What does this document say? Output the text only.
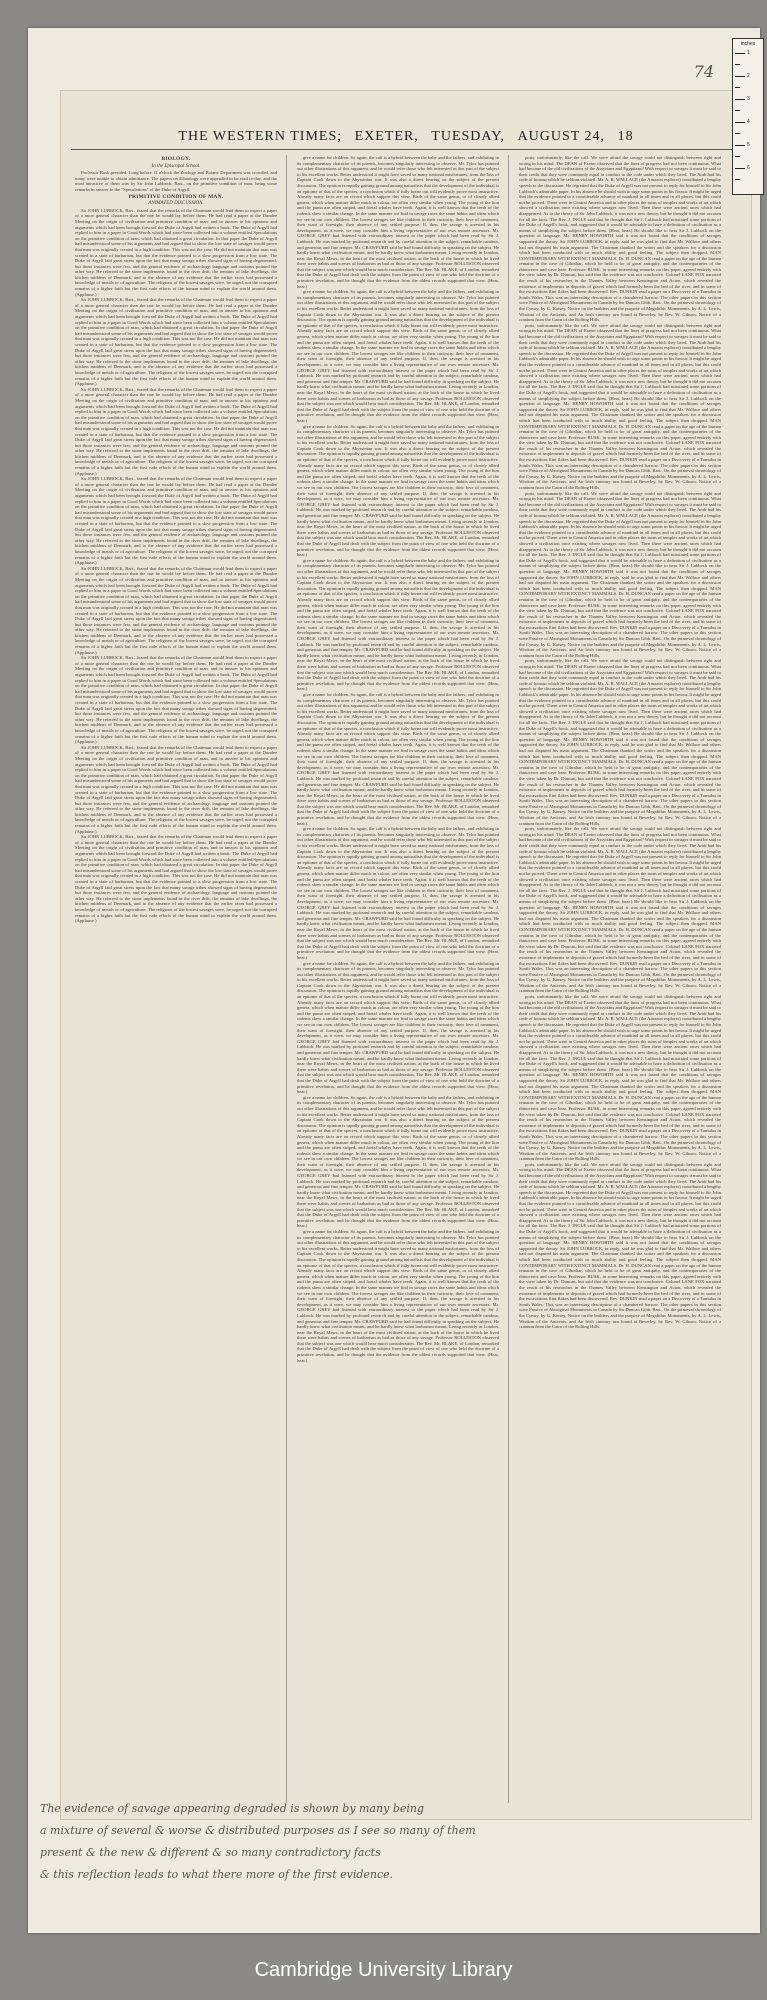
74
THE WESTERN TIMES; EXETER, TUESDAY, AUGUST 24, 18
BIOLOGY.
In the Episcopal School.

Professor Busk presided. Long before 11 o'clock the Zoology and Botany Department was crowded, and many were unable to obtain admittance. The papers on Ethnology were appended to be read to-day, and the most attractive of them was by Sir John Lubbock, Bart., on the primitive condition of man, being some remarks in answer to the "Speculations" of the Duke of Argyll.

PRIMITIVE CONDITION OF MAN.
ANIMATED DISCUSSION.

Sir JOHN LUBBOCK, Bart., feared that the remarks of the Chairman would lead them to expect a paper of a more general character than the one he would lay before them. He had read a paper at the Dundee Meeting on the origin of civilisation and primitive condition of man, and in answer to his opinions and arguments which had been brought forward the Duke of Argyll had written a book. The Duke of Argyll had replied to him in a paper in Good Words which had since been collected into a volume entitled Speculations on the primitive condition of man, which had obtained a great circulation. In that paper the Duke of Argyll had misunderstood some of his arguments and had argued that to show the low state of savages would prove that man was originally created in a high condition. This was not the case. He did not maintain that man was created in a state of barbarism, but that the evidence pointed to a slow progression from a low state. The Duke of Argyll laid great stress upon the fact that many savage tribes showed signs of having degenerated; but those instances were few, and the general evidence of archaeology, language and customs pointed the other way. He referred to the stone implements found in the river drift, the remains of lake dwellings, the kitchen middens of Denmark, and to the absence of any evidence that the earlier races had possessed a knowledge of metals or of agriculture. The religions of the lowest savages were, he urged, not the corrupted remains of a higher faith but the first rude efforts of the human mind to explain the world around them. (Applause.)

Sir JOHN LUBBOCK, Bart., feared that the remarks of the Chairman would lead them to expect a paper of a more general character than the one he would lay before them. He had read a paper at the Dundee Meeting on the origin of civilisation and primitive condition of man, and in answer to his opinions and arguments which had been brought forward the Duke of Argyll had written a book. The Duke of Argyll had replied to him in a paper in Good Words which had since been collected into a volume entitled Speculations on the primitive condition of man, which had obtained a great circulation. In that paper the Duke of Argyll had misunderstood some of his arguments and had argued that to show the low state of savages would prove that man was originally created in a high condition. This was not the case. He did not maintain that man was created in a state of barbarism, but that the evidence pointed to a slow progression from a low state. The Duke of Argyll laid great stress upon the fact that many savage tribes showed signs of having degenerated; but those instances were few, and the general evidence of archaeology, language and customs pointed the other way. He referred to the stone implements found in the river drift, the remains of lake dwellings, the kitchen middens of Denmark, and to the absence of any evidence that the earlier races had possessed a knowledge of metals or of agriculture. The religions of the lowest savages were, he urged, not the corrupted remains of a higher faith but the first rude efforts of the human mind to explain the world around them. (Applause.)

Sir JOHN LUBBOCK, Bart., feared that the remarks of the Chairman would lead them to expect a paper of a more general character than the one he would lay before them. He had read a paper at the Dundee Meeting on the origin of civilisation and primitive condition of man, and in answer to his opinions and arguments which had been brought forward the Duke of Argyll had written a book. The Duke of Argyll had replied to him in a paper in Good Words which had since been collected into a volume entitled Speculations on the primitive condition of man, which had obtained a great circulation. In that paper the Duke of Argyll had misunderstood some of his arguments and had argued that to show the low state of savages would prove that man was originally created in a high condition. This was not the case. He did not maintain that man was created in a state of barbarism, but that the evidence pointed to a slow progression from a low state. The Duke of Argyll laid great stress upon the fact that many savage tribes showed signs of having degenerated; but those instances were few, and the general evidence of archaeology, language and customs pointed the other way. He referred to the stone implements found in the river drift, the remains of lake dwellings, the kitchen middens of Denmark, and to the absence of any evidence that the earlier races had possessed a knowledge of metals or of agriculture. The religions of the lowest savages were, he urged, not the corrupted remains of a higher faith but the first rude efforts of the human mind to explain the world around them. (Applause.)

Sir JOHN LUBBOCK, Bart., feared that the remarks of the Chairman would lead them to expect a paper of a more general character than the one he would lay before them. He had read a paper at the Dundee Meeting on the origin of civilisation and primitive condition of man, and in answer to his opinions and arguments which had been brought forward the Duke of Argyll had written a book. The Duke of Argyll had replied to him in a paper in Good Words which had since been collected into a volume entitled Speculations on the primitive condition of man, which had obtained a great circulation. In that paper the Duke of Argyll had misunderstood some of his arguments and had argued that to show the low state of savages would prove that man was originally created in a high condition. This was not the case. He did not maintain that man was created in a state of barbarism, but that the evidence pointed to a slow progression from a low state. The Duke of Argyll laid great stress upon the fact that many savage tribes showed signs of having degenerated; but those instances were few, and the general evidence of archaeology, language and customs pointed the other way. He referred to the stone implements found in the river drift, the remains of lake dwellings, the kitchen middens of Denmark, and to the absence of any evidence that the earlier races had possessed a knowledge of metals or of agriculture. The religions of the lowest savages were, he urged, not the corrupted remains of a higher faith but the first rude efforts of the human mind to explain the world around them. (Applause.)

Sir JOHN LUBBOCK, Bart., feared that the remarks of the Chairman would lead them to expect a paper of a more general character than the one he would lay before them. He had read a paper at the Dundee Meeting on the origin of civilisation and primitive condition of man, and in answer to his opinions and arguments which had been brought forward the Duke of Argyll had written a book. The Duke of Argyll had replied to him in a paper in Good Words which had since been collected into a volume entitled Speculations on the primitive condition of man, which had obtained a great circulation. In that paper the Duke of Argyll had misunderstood some of his arguments and had argued that to show the low state of savages would prove that man was originally created in a high condition. This was not the case. He did not maintain that man was created in a state of barbarism, but that the evidence pointed to a slow progression from a low state. The Duke of Argyll laid great stress upon the fact that many savage tribes showed signs of having degenerated; but those instances were few, and the general evidence of archaeology, language and customs pointed the other way. He referred to the stone implements found in the river drift, the remains of lake dwellings, the kitchen middens of Denmark, and to the absence of any evidence that the earlier races had possessed a knowledge of metals or of agriculture. The religions of the lowest savages were, he urged, not the corrupted remains of a higher faith but the first rude efforts of the human mind to explain the world around them. (Applause.)

Sir JOHN LUBBOCK, Bart., feared that the remarks of the Chairman would lead them to expect a paper of a more general character than the one he would lay before them. He had read a paper at the Dundee Meeting on the origin of civilisation and primitive condition of man, and in answer to his opinions and arguments which had been brought forward the Duke of Argyll had written a book. The Duke of Argyll had replied to him in a paper in Good Words which had since been collected into a volume entitled Speculations on the primitive condition of man, which had obtained a great circulation. In that paper the Duke of Argyll had misunderstood some of his arguments and had argued that to show the low state of savages would prove that man was originally created in a high condition. This was not the case. He did not maintain that man was created in a state of barbarism, but that the evidence pointed to a slow progression from a low state. The Duke of Argyll laid great stress upon the fact that many savage tribes showed signs of having degenerated; but those instances were few, and the general evidence of archaeology, language and customs pointed the other way. He referred to the stone implements found in the river drift, the remains of lake dwellings, the kitchen middens of Denmark, and to the absence of any evidence that the earlier races had possessed a knowledge of metals or of agriculture. The religions of the lowest savages were, he urged, not the corrupted remains of a higher faith but the first rude efforts of the human mind to explain the world around them. (Applause.)

Sir JOHN LUBBOCK, Bart., feared that the remarks of the Chairman would lead them to expect a paper of a more general character than the one he would lay before them. He had read a paper at the Dundee Meeting on the origin of civilisation and primitive condition of man, and in answer to his opinions and arguments which had been brought forward the Duke of Argyll had written a book. The Duke of Argyll had replied to him in a paper in Good Words which had since been collected into a volume entitled Speculations on the primitive condition of man, which had obtained a great circulation. In that paper the Duke of Argyll had misunderstood some of his arguments and had argued that to show the low state of savages would prove that man was originally created in a high condition. This was not the case. He did not maintain that man was created in a state of barbarism, but that the evidence pointed to a slow progression from a low state. The Duke of Argyll laid great stress upon the fact that many savage tribes showed signs of having degenerated; but those instances were few, and the general evidence of archaeology, language and customs pointed the other way. He referred to the stone implements found in the river drift, the remains of lake dwellings, the kitchen middens of Denmark, and to the absence of any evidence that the earlier races had possessed a knowledge of metals or of agriculture. The religions of the lowest savages were, he urged, not the corrupted remains of a higher faith but the first rude efforts of the human mind to explain the world around them. (Applause.)

Sir JOHN LUBBOCK, Bart., feared that the remarks of the Chairman would lead them to expect a paper of a more general character than the one he would lay before them. He had read a paper at the Dundee Meeting on the origin of civilisation and primitive condition of man, and in answer to his opinions and arguments which had been brought forward the Duke of Argyll had written a book. The Duke of Argyll had replied to him in a paper in Good Words which had since been collected into a volume entitled Speculations on the primitive condition of man, which had obtained a great circulation. In that paper the Duke of Argyll had misunderstood some of his arguments and had argued that to show the low state of savages would prove that man was originally created in a high condition. This was not the case. He did not maintain that man was created in a state of barbarism, but that the evidence pointed to a slow progression from a low state. The Duke of Argyll laid great stress upon the fact that many savage tribes showed signs of having degenerated; but those instances were few, and the general evidence of archaeology, language and customs pointed the other way. He referred to the stone implements found in the river drift, the remains of lake dwellings, the kitchen middens of Denmark, and to the absence of any evidence that the earlier races had possessed a knowledge of metals or of agriculture. The religions of the lowest savages were, he urged, not the corrupted remains of a higher faith but the first rude efforts of the human mind to explain the world around them. (Applause.)

give a name for children. So again, the calf is a hybrid between the baby and the fathers, and exhibiting in its complementary character of its parents, becomes singularly interesting to observe. Mr. Tylor has pointed out other illustrations of this argument, and he would refer those who felt interested in this part of the subject to his excellent works. Better understood it might have saved so many national misfortunes, from the loss of Captain Cook down to the Abyssinian war. It was also a direct bearing on the subject of the present discussion. The opinion is rapidly gaining ground among naturalists that the development of the individual is an epitome of that of the species, a conclusion which if fully borne out will evidently prove most instructive. Already many facts are on record which support this view. Birds of the same genus, or of closely allied genera, which when mature differ much in colour, are often very similar when young. The young of the lion and the puma are often striped, and foetal whales have teeth. Again, it is well known that the teeth of the rodents shew a similar change. In the same manner we find in savage races the same habits and ideas which we see in our own children. The lowest savages are like children in their curiosity, their love of ornament, their want of foresight, their absence of any settled purpose. If, then, the savage is arrested in his development, as it were, we may consider him a living representative of our own remote ancestors. Mr. GEORGE GREY had listened with extraordinary interest to the paper which had been read by Sir J. Lubbock. He was marked by profound research and by careful attention to the subject, remarkable candour, and generous and fine temper. Mr. CRAWFURD said he had found difficulty in speaking on the subject. He hardly knew what civilisation meant, and he hardly knew what barbarism meant. Living recently in London, near the Royal Mews, in the heart of the most civilised nation, at the back of the house in which he lived there were habits and scenes of barbarism as bad as those of any savage. Professor ROLLESTON observed that the subject was one which would bear much consideration. The Rev. Mr. BLAKE, of London, remarked that the Duke of Argyll had dealt with the subject from the point of view of one who held the doctrine of a primitive revelation, and he thought that the evidence from the oldest records supported that view. (Hear, hear.)

give a name for children. So again, the calf is a hybrid between the baby and the fathers, and exhibiting in its complementary character of its parents, becomes singularly interesting to observe. Mr. Tylor has pointed out other illustrations of this argument, and he would refer those who felt interested in this part of the subject to his excellent works. Better understood it might have saved so many national misfortunes, from the loss of Captain Cook down to the Abyssinian war. It was also a direct bearing on the subject of the present discussion. The opinion is rapidly gaining ground among naturalists that the development of the individual is an epitome of that of the species, a conclusion which if fully borne out will evidently prove most instructive. Already many facts are on record which support this view. Birds of the same genus, or of closely allied genera, which when mature differ much in colour, are often very similar when young. The young of the lion and the puma are often striped, and foetal whales have teeth. Again, it is well known that the teeth of the rodents shew a similar change. In the same manner we find in savage races the same habits and ideas which we see in our own children. The lowest savages are like children in their curiosity, their love of ornament, their want of foresight, their absence of any settled purpose. If, then, the savage is arrested in his development, as it were, we may consider him a living representative of our own remote ancestors. Mr. GEORGE GREY had listened with extraordinary interest to the paper which had been read by Sir J. Lubbock. He was marked by profound research and by careful attention to the subject, remarkable candour, and generous and fine temper. Mr. CRAWFURD said he had found difficulty in speaking on the subject. He hardly knew what civilisation meant, and he hardly knew what barbarism meant. Living recently in London, near the Royal Mews, in the heart of the most civilised nation, at the back of the house in which he lived there were habits and scenes of barbarism as bad as those of any savage. Professor ROLLESTON observed that the subject was one which would bear much consideration. The Rev. Mr. BLAKE, of London, remarked that the Duke of Argyll had dealt with the subject from the point of view of one who held the doctrine of a primitive revelation, and he thought that the evidence from the oldest records supported that view. (Hear, hear.)

give a name for children. So again, the calf is a hybrid between the baby and the fathers, and exhibiting in its complementary character of its parents, becomes singularly interesting to observe. Mr. Tylor has pointed out other illustrations of this argument, and he would refer those who felt interested in this part of the subject to his excellent works. Better understood it might have saved so many national misfortunes, from the loss of Captain Cook down to the Abyssinian war. It was also a direct bearing on the subject of the present discussion. The opinion is rapidly gaining ground among naturalists that the development of the individual is an epitome of that of the species, a conclusion which if fully borne out will evidently prove most instructive. Already many facts are on record which support this view. Birds of the same genus, or of closely allied genera, which when mature differ much in colour, are often very similar when young. The young of the lion and the puma are often striped, and foetal whales have teeth. Again, it is well known that the teeth of the rodents shew a similar change. In the same manner we find in savage races the same habits and ideas which we see in our own children. The lowest savages are like children in their curiosity, their love of ornament, their want of foresight, their absence of any settled purpose. If, then, the savage is arrested in his development, as it were, we may consider him a living representative of our own remote ancestors. Mr. GEORGE GREY had listened with extraordinary interest to the paper which had been read by Sir J. Lubbock. He was marked by profound research and by careful attention to the subject, remarkable candour, and generous and fine temper. Mr. CRAWFURD said he had found difficulty in speaking on the subject. He hardly knew what civilisation meant, and he hardly knew what barbarism meant. Living recently in London, near the Royal Mews, in the heart of the most civilised nation, at the back of the house in which he lived there were habits and scenes of barbarism as bad as those of any savage. Professor ROLLESTON observed that the subject was one which would bear much consideration. The Rev. Mr. BLAKE, of London, remarked that the Duke of Argyll had dealt with the subject from the point of view of one who held the doctrine of a primitive revelation, and he thought that the evidence from the oldest records supported that view. (Hear, hear.)

give a name for children. So again, the calf is a hybrid between the baby and the fathers, and exhibiting in its complementary character of its parents, becomes singularly interesting to observe. Mr. Tylor has pointed out other illustrations of this argument, and he would refer those who felt interested in this part of the subject to his excellent works. Better understood it might have saved so many national misfortunes, from the loss of Captain Cook down to the Abyssinian war. It was also a direct bearing on the subject of the present discussion. The opinion is rapidly gaining ground among naturalists that the development of the individual is an epitome of that of the species, a conclusion which if fully borne out will evidently prove most instructive. Already many facts are on record which support this view. Birds of the same genus, or of closely allied genera, which when mature differ much in colour, are often very similar when young. The young of the lion and the puma are often striped, and foetal whales have teeth. Again, it is well known that the teeth of the rodents shew a similar change. In the same manner we find in savage races the same habits and ideas which we see in our own children. The lowest savages are like children in their curiosity, their love of ornament, their want of foresight, their absence of any settled purpose. If, then, the savage is arrested in his development, as it were, we may consider him a living representative of our own remote ancestors. Mr. GEORGE GREY had listened with extraordinary interest to the paper which had been read by Sir J. Lubbock. He was marked by profound research and by careful attention to the subject, remarkable candour, and generous and fine temper. Mr. CRAWFURD said he had found difficulty in speaking on the subject. He hardly knew what civilisation meant, and he hardly knew what barbarism meant. Living recently in London, near the Royal Mews, in the heart of the most civilised nation, at the back of the house in which he lived there were habits and scenes of barbarism as bad as those of any savage. Professor ROLLESTON observed that the subject was one which would bear much consideration. The Rev. Mr. BLAKE, of London, remarked that the Duke of Argyll had dealt with the subject from the point of view of one who held the doctrine of a primitive revelation, and he thought that the evidence from the oldest records supported that view. (Hear, hear.)

give a name for children. So again, the calf is a hybrid between the baby and the fathers, and exhibiting in its complementary character of its parents, becomes singularly interesting to observe. Mr. Tylor has pointed out other illustrations of this argument, and he would refer those who felt interested in this part of the subject to his excellent works. Better understood it might have saved so many national misfortunes, from the loss of Captain Cook down to the Abyssinian war. It was also a direct bearing on the subject of the present discussion. The opinion is rapidly gaining ground among naturalists that the development of the individual is an epitome of that of the species, a conclusion which if fully borne out will evidently prove most instructive. Already many facts are on record which support this view. Birds of the same genus, or of closely allied genera, which when mature differ much in colour, are often very similar when young. The young of the lion and the puma are often striped, and foetal whales have teeth. Again, it is well known that the teeth of the rodents shew a similar change. In the same manner we find in savage races the same habits and ideas which we see in our own children. The lowest savages are like children in their curiosity, their love of ornament, their want of foresight, their absence of any settled purpose. If, then, the savage is arrested in his development, as it were, we may consider him a living representative of our own remote ancestors. Mr. GEORGE GREY had listened with extraordinary interest to the paper which had been read by Sir J. Lubbock. He was marked by profound research and by careful attention to the subject, remarkable candour, and generous and fine temper. Mr. CRAWFURD said he had found difficulty in speaking on the subject. He hardly knew what civilisation meant, and he hardly knew what barbarism meant. Living recently in London, near the Royal Mews, in the heart of the most civilised nation, at the back of the house in which he lived there were habits and scenes of barbarism as bad as those of any savage. Professor ROLLESTON observed that the subject was one which would bear much consideration. The Rev. Mr. BLAKE, of London, remarked that the Duke of Argyll had dealt with the subject from the point of view of one who held the doctrine of a primitive revelation, and he thought that the evidence from the oldest records supported that view. (Hear, hear.)

give a name for children. So again, the calf is a hybrid between the baby and the fathers, and exhibiting in its complementary character of its parents, becomes singularly interesting to observe. Mr. Tylor has pointed out other illustrations of this argument, and he would refer those who felt interested in this part of the subject to his excellent works. Better understood it might have saved so many national misfortunes, from the loss of Captain Cook down to the Abyssinian war. It was also a direct bearing on the subject of the present discussion. The opinion is rapidly gaining ground among naturalists that the development of the individual is an epitome of that of the species, a conclusion which if fully borne out will evidently prove most instructive. Already many facts are on record which support this view. Birds of the same genus, or of closely allied genera, which when mature differ much in colour, are often very similar when young. The young of the lion and the puma are often striped, and foetal whales have teeth. Again, it is well known that the teeth of the rodents shew a similar change. In the same manner we find in savage races the same habits and ideas which we see in our own children. The lowest savages are like children in their curiosity, their love of ornament, their want of foresight, their absence of any settled purpose. If, then, the savage is arrested in his development, as it were, we may consider him a living representative of our own remote ancestors. Mr. GEORGE GREY had listened with extraordinary interest to the paper which had been read by Sir J. Lubbock. He was marked by profound research and by careful attention to the subject, remarkable candour, and generous and fine temper. Mr. CRAWFURD said he had found difficulty in speaking on the subject. He hardly knew what civilisation meant, and he hardly knew what barbarism meant. Living recently in London, near the Royal Mews, in the heart of the most civilised nation, at the back of the house in which he lived there were habits and scenes of barbarism as bad as those of any savage. Professor ROLLESTON observed that the subject was one which would bear much consideration. The Rev. Mr. BLAKE, of London, remarked that the Duke of Argyll had dealt with the subject from the point of view of one who held the doctrine of a primitive revelation, and he thought that the evidence from the oldest records supported that view. (Hear, hear.)

give a name for children. So again, the calf is a hybrid between the baby and the fathers, and exhibiting in its complementary character of its parents, becomes singularly interesting to observe. Mr. Tylor has pointed out other illustrations of this argument, and he would refer those who felt interested in this part of the subject to his excellent works. Better understood it might have saved so many national misfortunes, from the loss of Captain Cook down to the Abyssinian war. It was also a direct bearing on the subject of the present discussion. The opinion is rapidly gaining ground among naturalists that the development of the individual is an epitome of that of the species, a conclusion which if fully borne out will evidently prove most instructive. Already many facts are on record which support this view. Birds of the same genus, or of closely allied genera, which when mature differ much in colour, are often very similar when young. The young of the lion and the puma are often striped, and foetal whales have teeth. Again, it is well known that the teeth of the rodents shew a similar change. In the same manner we find in savage races the same habits and ideas which we see in our own children. The lowest savages are like children in their curiosity, their love of ornament, their want of foresight, their absence of any settled purpose. If, then, the savage is arrested in his development, as it were, we may consider him a living representative of our own remote ancestors. Mr. GEORGE GREY had listened with extraordinary interest to the paper which had been read by Sir J. Lubbock. He was marked by profound research and by careful attention to the subject, remarkable candour, and generous and fine temper. Mr. CRAWFURD said he had found difficulty in speaking on the subject. He hardly knew what civilisation meant, and he hardly knew what barbarism meant. Living recently in London, near the Royal Mews, in the heart of the most civilised nation, at the back of the house in which he lived there were habits and scenes of barbarism as bad as those of any savage. Professor ROLLESTON observed that the subject was one which would bear much consideration. The Rev. Mr. BLAKE, of London, remarked that the Duke of Argyll had dealt with the subject from the point of view of one who held the doctrine of a primitive revelation, and he thought that the evidence from the oldest records supported that view. (Hear, hear.)

give a name for children. So again, the calf is a hybrid between the baby and the fathers, and exhibiting in its complementary character of its parents, becomes singularly interesting to observe. Mr. Tylor has pointed out other illustrations of this argument, and he would refer those who felt interested in this part of the subject to his excellent works. Better understood it might have saved so many national misfortunes, from the loss of Captain Cook down to the Abyssinian war. It was also a direct bearing on the subject of the present discussion. The opinion is rapidly gaining ground among naturalists that the development of the individual is an epitome of that of the species, a conclusion which if fully borne out will evidently prove most instructive. Already many facts are on record which support this view. Birds of the same genus, or of closely allied genera, which when mature differ much in colour, are often very similar when young. The young of the lion and the puma are often striped, and foetal whales have teeth. Again, it is well known that the teeth of the rodents shew a similar change. In the same manner we find in savage races the same habits and ideas which we see in our own children. The lowest savages are like children in their curiosity, their love of ornament, their want of foresight, their absence of any settled purpose. If, then, the savage is arrested in his development, as it were, we may consider him a living representative of our own remote ancestors. Mr. GEORGE GREY had listened with extraordinary interest to the paper which had been read by Sir J. Lubbock. He was marked by profound research and by careful attention to the subject, remarkable candour, and generous and fine temper. Mr. CRAWFURD said he had found difficulty in speaking on the subject. He hardly knew what civilisation meant, and he hardly knew what barbarism meant. Living recently in London, near the Royal Mews, in the heart of the most civilised nation, at the back of the house in which he lived there were habits and scenes of barbarism as bad as those of any savage. Professor ROLLESTON observed that the subject was one which would bear much consideration. The Rev. Mr. BLAKE, of London, remarked that the Duke of Argyll had dealt with the subject from the point of view of one who held the doctrine of a primitive revelation, and he thought that the evidence from the oldest records supported that view. (Hear, hear.)

give a name for children. So again, the calf is a hybrid between the baby and the fathers, and exhibiting in its complementary character of its parents, becomes singularly interesting to observe. Mr. Tylor has pointed out other illustrations of this argument, and he would refer those who felt interested in this part of the subject to his excellent works. Better understood it might have saved so many national misfortunes, from the loss of Captain Cook down to the Abyssinian war. It was also a direct bearing on the subject of the present discussion. The opinion is rapidly gaining ground among naturalists that the development of the individual is an epitome of that of the species, a conclusion which if fully borne out will evidently prove most instructive. Already many facts are on record which support this view. Birds of the same genus, or of closely allied genera, which when mature differ much in colour, are often very similar when young. The young of the lion and the puma are often striped, and foetal whales have teeth. Again, it is well known that the teeth of the rodents shew a similar change. In the same manner we find in savage races the same habits and ideas which we see in our own children. The lowest savages are like children in their curiosity, their love of ornament, their want of foresight, their absence of any settled purpose. If, then, the savage is arrested in his development, as it were, we may consider him a living representative of our own remote ancestors. Mr. GEORGE GREY had listened with extraordinary interest to the paper which had been read by Sir J. Lubbock. He was marked by profound research and by careful attention to the subject, remarkable candour, and generous and fine temper. Mr. CRAWFURD said he had found difficulty in speaking on the subject. He hardly knew what civilisation meant, and he hardly knew what barbarism meant. Living recently in London, near the Royal Mews, in the heart of the most civilised nation, at the back of the house in which he lived there were habits and scenes of barbarism as bad as those of any savage. Professor ROLLESTON observed that the subject was one which would bear much consideration. The Rev. Mr. BLAKE, of London, remarked that the Duke of Argyll had dealt with the subject from the point of view of one who held the doctrine of a primitive revelation, and he thought that the evidence from the oldest records supported that view. (Hear, hear.)

ports, unfortunately, like the calf. We were afraid the savage could not distinguish between right and wrong in his mind. The DEAN of Exeter observed that the lines of progress had not been continuous. What had become of the old civilisations of the Assyrians and Egyptians? With respect to savages it must be said to their credit that they were commonly equal in conduct to the code under which they lived. The Arab had his code of honour which he seldom violated. Mr. A. R. WALLACE (the Amazon explorer) contributed a lengthy speech to the discussion. He regretted that the Duke of Argyll was not present to reply for himself to Sir John Lubbock's admirable paper. In his absence he should wish to urge some points in his favour. It might be urged that the evidence pointed to a considerable advance of mankind in all times and in all places, but this could not be proved. There were in Central America and in other places the ruins of temples and works of art which showed a civilisation once existing where savages now lived. Then there were ancient races which had disappeared. As to the theory of Sir John Lubbock, it was not a new theory, but he thought it did not account for all the facts. The Rev. J. INGLE said that he thought that Sir J. Lubbock had misstated some portions of the Duke of Argyll's book, and suggested that it would be advisable to have a definition of civilisation as a means of simplifying the subject before them. (Hear, hear.) He should like to hear Sir J. Lubbock on the question of language. Mr. HENRY HOWORTH said it was not found that the conditions of savages supported the theory. Sir JOHN LUBBOCK, in reply, said he was glad to find that Mr. Wallace and others had not disputed his main argument. The Chairman thanked the writer and the speakers for a discussion which had been conducted with so much ability and good feeling. The subject then dropped. MAN CONTEMPORARY WITH EXTINCT MAMMALS. Dr. H. DUNCAN read a paper on the age of the human remains in the cave of Gibraltar, which he held to be of great antiquity, and the contemporaries of the rhinoceros and cave bear. Professor BUSK, in some interesting remarks on this paper, agreed entirely with the view taken by Dr. Duncan, but said that the evidence was not conclusive. Colonel LANE FOX narrated the result of his researches in the Thames Valley between Kensington and Acton, which revealed the existence of implements in deposits of gravel which had formerly been the bed of the river, and in some of the excavations flint flakes had been discovered. Rev. DUNKIN read a paper on a Discovery of a Tumulus in South Wales. This was an interesting description of a chambered barrow. The other papers in this section were Passive of Aboriginal Monuments in Canada by Sir Duncan Gibb, Bart., On the primeval chronology of the Cymry, by G. Kinsey, Notice on the builders and the purpose of Megalithic Monuments, by A. L. Lewis, Wisdom of the Ancients, and An Irish cinerary urn found at Beverley, by Rev. W. Gibson, Notice of a cranium from the Cairn of the Rolling Hills.

ports, unfortunately, like the calf. We were afraid the savage could not distinguish between right and wrong in his mind. The DEAN of Exeter observed that the lines of progress had not been continuous. What had become of the old civilisations of the Assyrians and Egyptians? With respect to savages it must be said to their credit that they were commonly equal in conduct to the code under which they lived. The Arab had his code of honour which he seldom violated. Mr. A. R. WALLACE (the Amazon explorer) contributed a lengthy speech to the discussion. He regretted that the Duke of Argyll was not present to reply for himself to Sir John Lubbock's admirable paper. In his absence he should wish to urge some points in his favour. It might be urged that the evidence pointed to a considerable advance of mankind in all times and in all places, but this could not be proved. There were in Central America and in other places the ruins of temples and works of art which showed a civilisation once existing where savages now lived. Then there were ancient races which had disappeared. As to the theory of Sir John Lubbock, it was not a new theory, but he thought it did not account for all the facts. The Rev. J. INGLE said that he thought that Sir J. Lubbock had misstated some portions of the Duke of Argyll's book, and suggested that it would be advisable to have a definition of civilisation as a means of simplifying the subject before them. (Hear, hear.) He should like to hear Sir J. Lubbock on the question of language. Mr. HENRY HOWORTH said it was not found that the conditions of savages supported the theory. Sir JOHN LUBBOCK, in reply, said he was glad to find that Mr. Wallace and others had not disputed his main argument. The Chairman thanked the writer and the speakers for a discussion which had been conducted with so much ability and good feeling. The subject then dropped. MAN CONTEMPORARY WITH EXTINCT MAMMALS. Dr. H. DUNCAN read a paper on the age of the human remains in the cave of Gibraltar, which he held to be of great antiquity, and the contemporaries of the rhinoceros and cave bear. Professor BUSK, in some interesting remarks on this paper, agreed entirely with the view taken by Dr. Duncan, but said that the evidence was not conclusive. Colonel LANE FOX narrated the result of his researches in the Thames Valley between Kensington and Acton, which revealed the existence of implements in deposits of gravel which had formerly been the bed of the river, and in some of the excavations flint flakes had been discovered. Rev. DUNKIN read a paper on a Discovery of a Tumulus in South Wales. This was an interesting description of a chambered barrow. The other papers in this section were Passive of Aboriginal Monuments in Canada by Sir Duncan Gibb, Bart., On the primeval chronology of the Cymry, by G. Kinsey, Notice on the builders and the purpose of Megalithic Monuments, by A. L. Lewis, Wisdom of the Ancients, and An Irish cinerary urn found at Beverley, by Rev. W. Gibson, Notice of a cranium from the Cairn of the Rolling Hills.

ports, unfortunately, like the calf. We were afraid the savage could not distinguish between right and wrong in his mind. The DEAN of Exeter observed that the lines of progress had not been continuous. What had become of the old civilisations of the Assyrians and Egyptians? With respect to savages it must be said to their credit that they were commonly equal in conduct to the code under which they lived. The Arab had his code of honour which he seldom violated. Mr. A. R. WALLACE (the Amazon explorer) contributed a lengthy speech to the discussion. He regretted that the Duke of Argyll was not present to reply for himself to Sir John Lubbock's admirable paper. In his absence he should wish to urge some points in his favour. It might be urged that the evidence pointed to a considerable advance of mankind in all times and in all places, but this could not be proved. There were in Central America and in other places the ruins of temples and works of art which showed a civilisation once existing where savages now lived. Then there were ancient races which had disappeared. As to the theory of Sir John Lubbock, it was not a new theory, but he thought it did not account for all the facts. The Rev. J. INGLE said that he thought that Sir J. Lubbock had misstated some portions of the Duke of Argyll's book, and suggested that it would be advisable to have a definition of civilisation as a means of simplifying the subject before them. (Hear, hear.) He should like to hear Sir J. Lubbock on the question of language. Mr. HENRY HOWORTH said it was not found that the conditions of savages supported the theory. Sir JOHN LUBBOCK, in reply, said he was glad to find that Mr. Wallace and others had not disputed his main argument. The Chairman thanked the writer and the speakers for a discussion which had been conducted with so much ability and good feeling. The subject then dropped. MAN CONTEMPORARY WITH EXTINCT MAMMALS. Dr. H. DUNCAN read a paper on the age of the human remains in the cave of Gibraltar, which he held to be of great antiquity, and the contemporaries of the rhinoceros and cave bear. Professor BUSK, in some interesting remarks on this paper, agreed entirely with the view taken by Dr. Duncan, but said that the evidence was not conclusive. Colonel LANE FOX narrated the result of his researches in the Thames Valley between Kensington and Acton, which revealed the existence of implements in deposits of gravel which had formerly been the bed of the river, and in some of the excavations flint flakes had been discovered. Rev. DUNKIN read a paper on a Discovery of a Tumulus in South Wales. This was an interesting description of a chambered barrow. The other papers in this section were Passive of Aboriginal Monuments in Canada by Sir Duncan Gibb, Bart., On the primeval chronology of the Cymry, by G. Kinsey, Notice on the builders and the purpose of Megalithic Monuments, by A. L. Lewis, Wisdom of the Ancients, and An Irish cinerary urn found at Beverley, by Rev. W. Gibson, Notice of a cranium from the Cairn of the Rolling Hills.

ports, unfortunately, like the calf. We were afraid the savage could not distinguish between right and wrong in his mind. The DEAN of Exeter observed that the lines of progress had not been continuous. What had become of the old civilisations of the Assyrians and Egyptians? With respect to savages it must be said to their credit that they were commonly equal in conduct to the code under which they lived. The Arab had his code of honour which he seldom violated. Mr. A. R. WALLACE (the Amazon explorer) contributed a lengthy speech to the discussion. He regretted that the Duke of Argyll was not present to reply for himself to Sir John Lubbock's admirable paper. In his absence he should wish to urge some points in his favour. It might be urged that the evidence pointed to a considerable advance of mankind in all times and in all places, but this could not be proved. There were in Central America and in other places the ruins of temples and works of art which showed a civilisation once existing where savages now lived. Then there were ancient races which had disappeared. As to the theory of Sir John Lubbock, it was not a new theory, but he thought it did not account for all the facts. The Rev. J. INGLE said that he thought that Sir J. Lubbock had misstated some portions of the Duke of Argyll's book, and suggested that it would be advisable to have a definition of civilisation as a means of simplifying the subject before them. (Hear, hear.) He should like to hear Sir J. Lubbock on the question of language. Mr. HENRY HOWORTH said it was not found that the conditions of savages supported the theory. Sir JOHN LUBBOCK, in reply, said he was glad to find that Mr. Wallace and others had not disputed his main argument. The Chairman thanked the writer and the speakers for a discussion which had been conducted with so much ability and good feeling. The subject then dropped. MAN CONTEMPORARY WITH EXTINCT MAMMALS. Dr. H. DUNCAN read a paper on the age of the human remains in the cave of Gibraltar, which he held to be of great antiquity, and the contemporaries of the rhinoceros and cave bear. Professor BUSK, in some interesting remarks on this paper, agreed entirely with the view taken by Dr. Duncan, but said that the evidence was not conclusive. Colonel LANE FOX narrated the result of his researches in the Thames Valley between Kensington and Acton, which revealed the existence of implements in deposits of gravel which had formerly been the bed of the river, and in some of the excavations flint flakes had been discovered. Rev. DUNKIN read a paper on a Discovery of a Tumulus in South Wales. This was an interesting description of a chambered barrow. The other papers in this section were Passive of Aboriginal Monuments in Canada by Sir Duncan Gibb, Bart., On the primeval chronology of the Cymry, by G. Kinsey, Notice on the builders and the purpose of Megalithic Monuments, by A. L. Lewis, Wisdom of the Ancients, and An Irish cinerary urn found at Beverley, by Rev. W. Gibson, Notice of a cranium from the Cairn of the Rolling Hills.

ports, unfortunately, like the calf. We were afraid the savage could not distinguish between right and wrong in his mind. The DEAN of Exeter observed that the lines of progress had not been continuous. What had become of the old civilisations of the Assyrians and Egyptians? With respect to savages it must be said to their credit that they were commonly equal in conduct to the code under which they lived. The Arab had his code of honour which he seldom violated. Mr. A. R. WALLACE (the Amazon explorer) contributed a lengthy speech to the discussion. He regretted that the Duke of Argyll was not present to reply for himself to Sir John Lubbock's admirable paper. In his absence he should wish to urge some points in his favour. It might be urged that the evidence pointed to a considerable advance of mankind in all times and in all places, but this could not be proved. There were in Central America and in other places the ruins of temples and works of art which showed a civilisation once existing where savages now lived. Then there were ancient races which had disappeared. As to the theory of Sir John Lubbock, it was not a new theory, but he thought it did not account for all the facts. The Rev. J. INGLE said that he thought that Sir J. Lubbock had misstated some portions of the Duke of Argyll's book, and suggested that it would be advisable to have a definition of civilisation as a means of simplifying the subject before them. (Hear, hear.) He should like to hear Sir J. Lubbock on the question of language. Mr. HENRY HOWORTH said it was not found that the conditions of savages supported the theory. Sir JOHN LUBBOCK, in reply, said he was glad to find that Mr. Wallace and others had not disputed his main argument. The Chairman thanked the writer and the speakers for a discussion which had been conducted with so much ability and good feeling. The subject then dropped. MAN CONTEMPORARY WITH EXTINCT MAMMALS. Dr. H. DUNCAN read a paper on the age of the human remains in the cave of Gibraltar, which he held to be of great antiquity, and the contemporaries of the rhinoceros and cave bear. Professor BUSK, in some interesting remarks on this paper, agreed entirely with the view taken by Dr. Duncan, but said that the evidence was not conclusive. Colonel LANE FOX narrated the result of his researches in the Thames Valley between Kensington and Acton, which revealed the existence of implements in deposits of gravel which had formerly been the bed of the river, and in some of the excavations flint flakes had been discovered. Rev. DUNKIN read a paper on a Discovery of a Tumulus in South Wales. This was an interesting description of a chambered barrow. The other papers in this section were Passive of Aboriginal Monuments in Canada by Sir Duncan Gibb, Bart., On the primeval chronology of the Cymry, by G. Kinsey, Notice on the builders and the purpose of Megalithic Monuments, by A. L. Lewis, Wisdom of the Ancients, and An Irish cinerary urn found at Beverley, by Rev. W. Gibson, Notice of a cranium from the Cairn of the Rolling Hills.

ports, unfortunately, like the calf. We were afraid the savage could not distinguish between right and wrong in his mind. The DEAN of Exeter observed that the lines of progress had not been continuous. What had become of the old civilisations of the Assyrians and Egyptians? With respect to savages it must be said to their credit that they were commonly equal in conduct to the code under which they lived. The Arab had his code of honour which he seldom violated. Mr. A. R. WALLACE (the Amazon explorer) contributed a lengthy speech to the discussion. He regretted that the Duke of Argyll was not present to reply for himself to Sir John Lubbock's admirable paper. In his absence he should wish to urge some points in his favour. It might be urged that the evidence pointed to a considerable advance of mankind in all times and in all places, but this could not be proved. There were in Central America and in other places the ruins of temples and works of art which showed a civilisation once existing where savages now lived. Then there were ancient races which had disappeared. As to the theory of Sir John Lubbock, it was not a new theory, but he thought it did not account for all the facts. The Rev. J. INGLE said that he thought that Sir J. Lubbock had misstated some portions of the Duke of Argyll's book, and suggested that it would be advisable to have a definition of civilisation as a means of simplifying the subject before them. (Hear, hear.) He should like to hear Sir J. Lubbock on the question of language. Mr. HENRY HOWORTH said it was not found that the conditions of savages supported the theory. Sir JOHN LUBBOCK, in reply, said he was glad to find that Mr. Wallace and others had not disputed his main argument. The Chairman thanked the writer and the speakers for a discussion which had been conducted with so much ability and good feeling. The subject then dropped. MAN CONTEMPORARY WITH EXTINCT MAMMALS. Dr. H. DUNCAN read a paper on the age of the human remains in the cave of Gibraltar, which he held to be of great antiquity, and the contemporaries of the rhinoceros and cave bear. Professor BUSK, in some interesting remarks on this paper, agreed entirely with the view taken by Dr. Duncan, but said that the evidence was not conclusive. Colonel LANE FOX narrated the result of his researches in the Thames Valley between Kensington and Acton, which revealed the existence of implements in deposits of gravel which had formerly been the bed of the river, and in some of the excavations flint flakes had been discovered. Rev. DUNKIN read a paper on a Discovery of a Tumulus in South Wales. This was an interesting description of a chambered barrow. The other papers in this section were Passive of Aboriginal Monuments in Canada by Sir Duncan Gibb, Bart., On the primeval chronology of the Cymry, by G. Kinsey, Notice on the builders and the purpose of Megalithic Monuments, by A. L. Lewis, Wisdom of the Ancients, and An Irish cinerary urn found at Beverley, by Rev. W. Gibson, Notice of a cranium from the Cairn of the Rolling Hills.

ports, unfortunately, like the calf. We were afraid the savage could not distinguish between right and wrong in his mind. The DEAN of Exeter observed that the lines of progress had not been continuous. What had become of the old civilisations of the Assyrians and Egyptians? With respect to savages it must be said to their credit that they were commonly equal in conduct to the code under which they lived. The Arab had his code of honour which he seldom violated. Mr. A. R. WALLACE (the Amazon explorer) contributed a lengthy speech to the discussion. He regretted that the Duke of Argyll was not present to reply for himself to Sir John Lubbock's admirable paper. In his absence he should wish to urge some points in his favour. It might be urged that the evidence pointed to a considerable advance of mankind in all times and in all places, but this could not be proved. There were in Central America and in other places the ruins of temples and works of art which showed a civilisation once existing where savages now lived. Then there were ancient races which had disappeared. As to the theory of Sir John Lubbock, it was not a new theory, but he thought it did not account for all the facts. The Rev. J. INGLE said that he thought that Sir J. Lubbock had misstated some portions of the Duke of Argyll's book, and suggested that it would be advisable to have a definition of civilisation as a means of simplifying the subject before them. (Hear, hear.) He should like to hear Sir J. Lubbock on the question of language. Mr. HENRY HOWORTH said it was not found that the conditions of savages supported the theory. Sir JOHN LUBBOCK, in reply, said he was glad to find that Mr. Wallace and others had not disputed his main argument. The Chairman thanked the writer and the speakers for a discussion which had been conducted with so much ability and good feeling. The subject then dropped. MAN CONTEMPORARY WITH EXTINCT MAMMALS. Dr. H. DUNCAN read a paper on the age of the human remains in the cave of Gibraltar, which he held to be of great antiquity, and the contemporaries of the rhinoceros and cave bear. Professor BUSK, in some interesting remarks on this paper, agreed entirely with the view taken by Dr. Duncan, but said that the evidence was not conclusive. Colonel LANE FOX narrated the result of his researches in the Thames Valley between Kensington and Acton, which revealed the existence of implements in deposits of gravel which had formerly been the bed of the river, and in some of the excavations flint flakes had been discovered. Rev. DUNKIN read a paper on a Discovery of a Tumulus in South Wales. This was an interesting description of a chambered barrow. The other papers in this section were Passive of Aboriginal Monuments in Canada by Sir Duncan Gibb, Bart., On the primeval chronology of the Cymry, by G. Kinsey, Notice on the builders and the purpose of Megalithic Monuments, by A. L. Lewis, Wisdom of the Ancients, and An Irish cinerary urn found at Beverley, by Rev. W. Gibson, Notice of a cranium from the Cairn of the Rolling Hills.

The evidence of savage appearing degraded is shown by many being
a mixture of several & worse & distributed purposes as I see so many of them
present & the new & different & so many contradictory facts
& this reflection leads to what there more of the first evidence.
inches
1
2
3
4
5
6
Cambridge University Library
